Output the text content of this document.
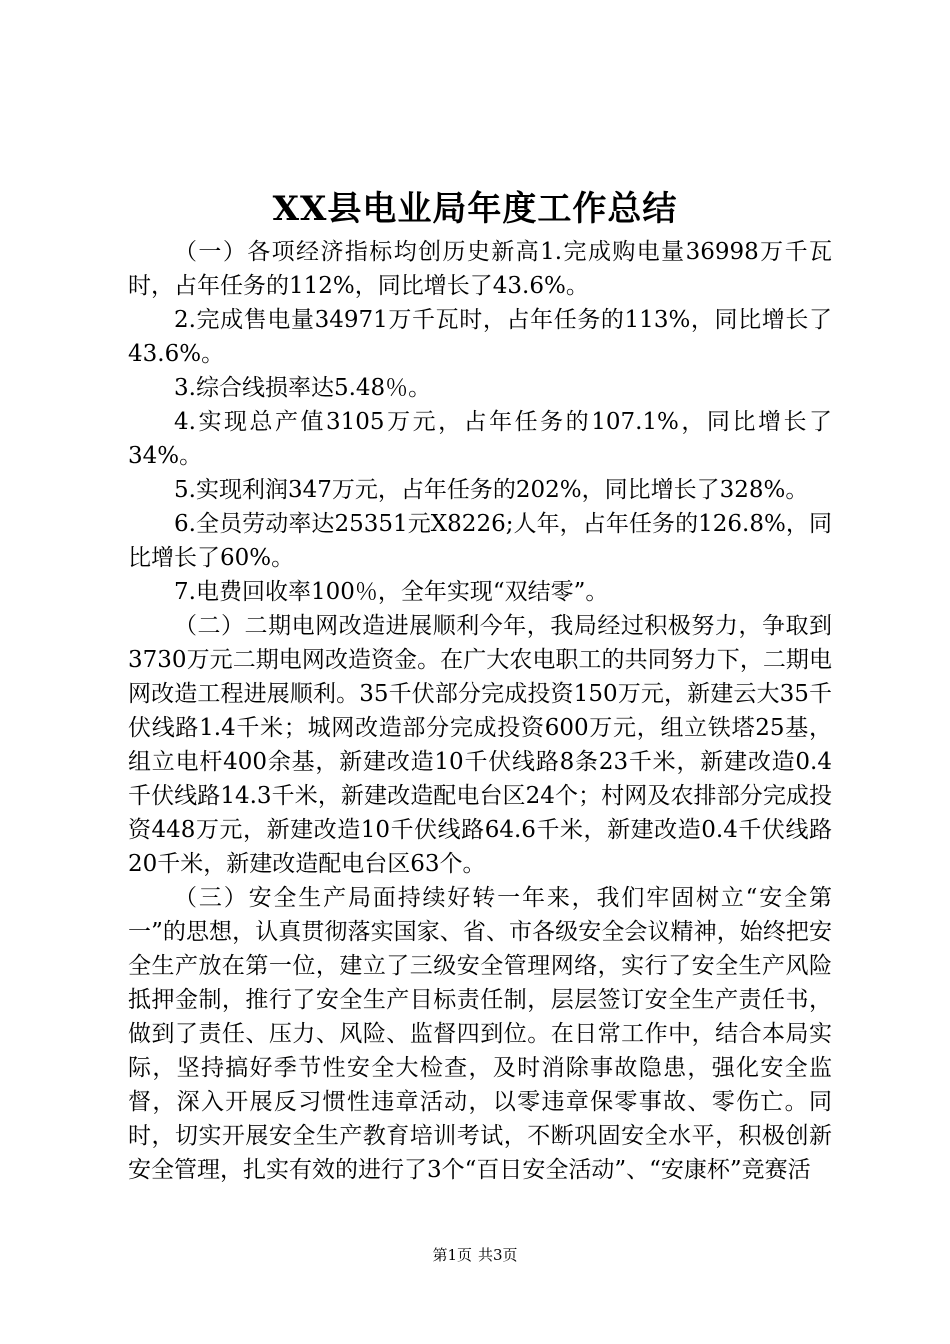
XX县电业局年度工作总结

（一）各项经济指标均创历史新高1.完成购电量36998万千瓦时，占年任务的112%，同比增长了43.6%。

2.完成售电量34971万千瓦时，占年任务的113%，同比增长了43.6%。

3.综合线损率达5.48％。

4.实现总产值3105万元，占年任务的107.1%，同比增长了34%。

5.实现利润347万元，占年任务的202%，同比增长了328%。

6.全员劳动率达25351元X8226;人年，占年任务的126.8%，同比增长了60%。

7.电费回收率100％，全年实现“双结零”。

（二）二期电网改造进展顺利今年，我局经过积极努力，争取到3730万元二期电网改造资金。在广大农电职工的共同努力下，二期电网改造工程进展顺利。35千伏部分完成投资150万元，新建云大35千伏线路1.4千米；城网改造部分完成投资600万元，组立铁塔25基，组立电杆400余基，新建改造10千伏线路8条23千米，新建改造0.4千伏线路14.3千米，新建改造配电台区24个；村网及农排部分完成投资448万元，新建改造10千伏线路64.6千米，新建改造0.4千伏线路20千米，新建改造配电台区63个。

（三）安全生产局面持续好转一年来，我们牢固树立“安全第一”的思想，认真贯彻落实国家、省、市各级安全会议精神，始终把安全生产放在第一位，建立了三级安全管理网络，实行了安全生产风险抵押金制，推行了安全生产目标责任制，层层签订安全生产责任书，做到了责任、压力、风险、监督四到位。在日常工作中，结合本局实际，坚持搞好季节性安全大检查，及时消除事故隐患，强化安全监督，深入开展反习惯性违章活动，以零违章保零事故、零伤亡。同时，切实开展安全生产教育培训考试，不断巩固安全水平，积极创新安全管理，扎实有效的进行了3个“百日安全活动”、“安康杯”竞赛活

第1页 共3页
